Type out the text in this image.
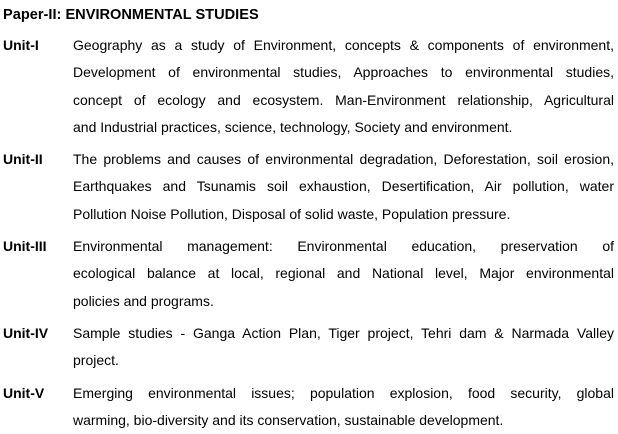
Paper-II: ENVIRONMENTAL STUDIES
Unit-I	Geography as a study of Environment, concepts & components of environment,
Development of environmental studies, Approaches to environmental studies,
concept of ecology and ecosystem. Man-Environment relationship, Agricultural
and Industrial practices, science, technology, Society and environment.
Unit-II	The problems and causes of environmental degradation, Deforestation, soil erosion,
Earthquakes and Tsunamis soil exhaustion, Desertification, Air pollution, water
Pollution Noise Pollution, Disposal of solid waste, Population pressure.
Unit-III	Environmental management: Environmental education, preservation of
ecological balance at local, regional and National level, Major environmental
policies and programs.
Unit-IV	Sample studies - Ganga Action Plan, Tiger project, Tehri dam & Narmada Valley
project.
Unit-V	Emerging environmental issues; population explosion, food security, global
warming, bio-diversity and its conservation, sustainable development.
